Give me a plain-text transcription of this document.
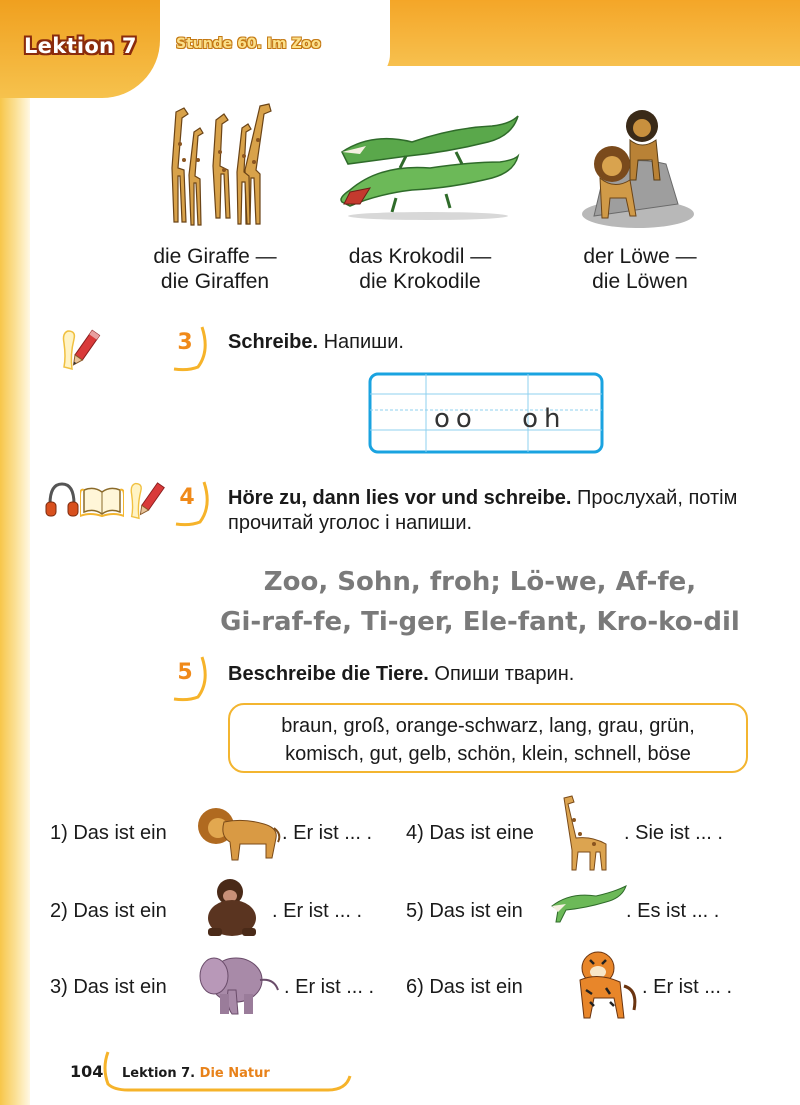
Lektion 7	Stunde 60. Im Zoo
die Giraffe —
die Giraffen
das Krokodil —
die Krokodile
der Löwe —
die Löwen
3	Schreibe. Напиши.
oo oh
4	Höre zu, dann lies vor und schreibe. Прослухай, потім прочитай уголос і напиши.
Zoo, Sohn, froh; Lö-we, Af-fe,
Gi-raf-fe, Ti-ger, Ele-fant, Kro-ko-dil
5	Beschreibe die Tiere. Опиши тварин.
braun, groß, orange-schwarz, lang, grau, grün,
komisch, gut, gelb, schön, klein, schnell, böse
1) Das ist ein	. Er ist ... .
2) Das ist ein	. Er ist ... .
3) Das ist ein	. Er ist ... .
4) Das ist eine	. Sie ist ... .
5) Das ist ein	. Es ist ... .
6) Das ist ein	. Er ist ... .
104 Lektion 7. Die Natur
